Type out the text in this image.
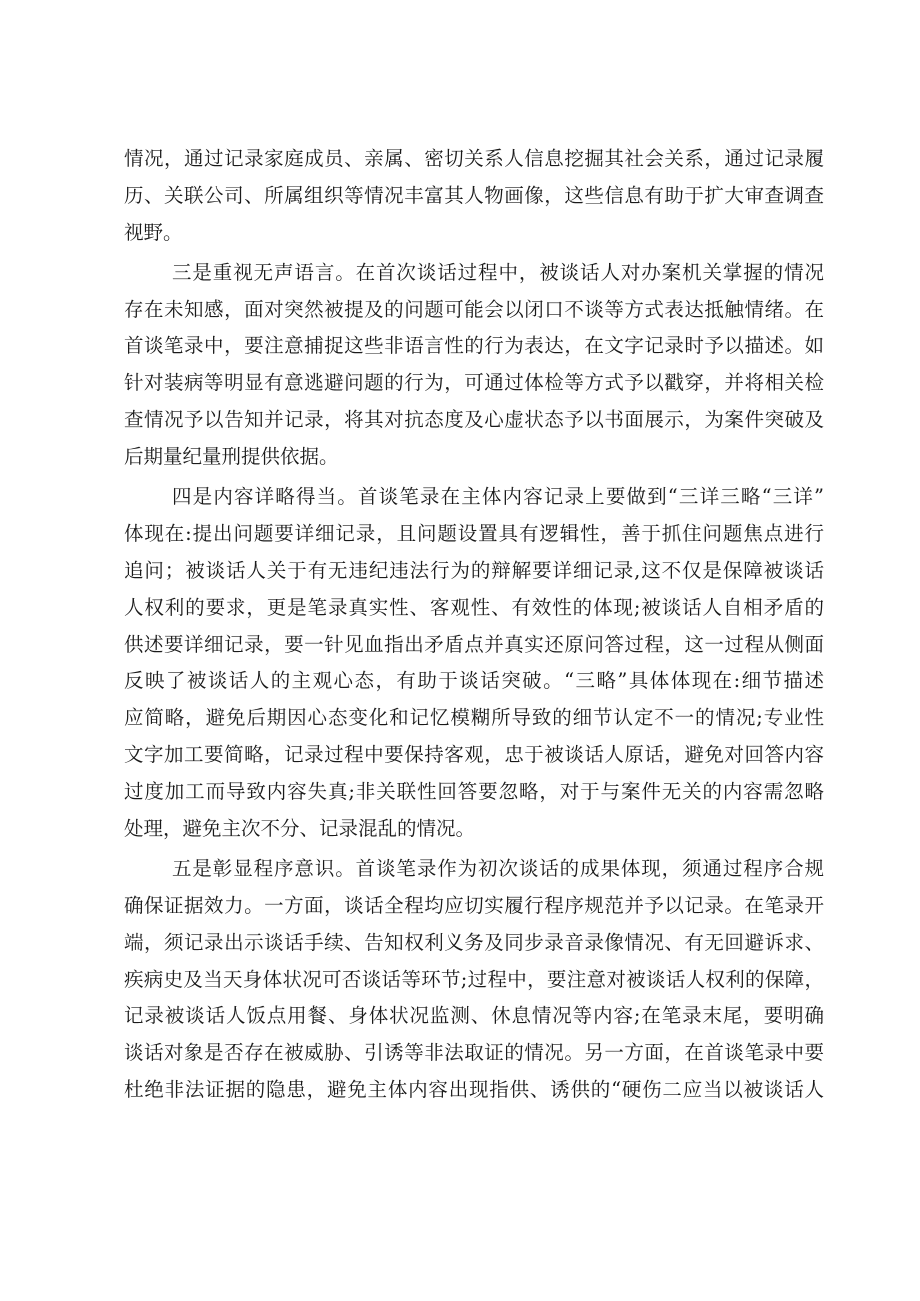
情况，通过记录家庭成员、亲属、密切关系人信息挖掘其社会关系，通过记录履
历、关联公司、所属组织等情况丰富其人物画像，这些信息有助于扩大审查调查
视野。
三是重视无声语言。在首次谈话过程中，被谈话人对办案机关掌握的情况
存在未知感，面对突然被提及的问题可能会以闭口不谈等方式表达抵触情绪。在
首谈笔录中，要注意捕捉这些非语言性的行为表达，在文字记录时予以描述。如
针对装病等明显有意逃避问题的行为，可通过体检等方式予以戳穿，并将相关检
查情况予以告知并记录，将其对抗态度及心虚状态予以书面展示，为案件突破及
后期量纪量刑提供依据。
四是内容详略得当。首谈笔录在主体内容记录上要做到“三详三略“三详”
体现在:提出问题要详细记录，且问题设置具有逻辑性，善于抓住问题焦点进行
追问；被谈话人关于有无违纪违法行为的辩解要详细记录,这不仅是保障被谈话
人权利的要求，更是笔录真实性、客观性、有效性的体现;被谈话人自相矛盾的
供述要详细记录，要一针见血指出矛盾点并真实还原问答过程，这一过程从侧面
反映了被谈话人的主观心态，有助于谈话突破。“三略”具体体现在:细节描述
应简略，避免后期因心态变化和记忆模糊所导致的细节认定不一的情况;专业性
文字加工要简略，记录过程中要保持客观，忠于被谈话人原话，避免对回答内容
过度加工而导致内容失真;非关联性回答要忽略，对于与案件无关的内容需忽略
处理，避免主次不分、记录混乱的情况。
五是彰显程序意识。首谈笔录作为初次谈话的成果体现，须通过程序合规
确保证据效力。一方面，谈话全程均应切实履行程序规范并予以记录。在笔录开
端，须记录出示谈话手续、告知权利义务及同步录音录像情况、有无回避诉求、
疾病史及当天身体状况可否谈话等环节;过程中，要注意对被谈话人权利的保障，
记录被谈话人饭点用餐、身体状况监测、休息情况等内容;在笔录末尾，要明确
谈话对象是否存在被威胁、引诱等非法取证的情况。另一方面，在首谈笔录中要
杜绝非法证据的隐患，避免主体内容出现指供、诱供的“硬伤二应当以被谈话人
